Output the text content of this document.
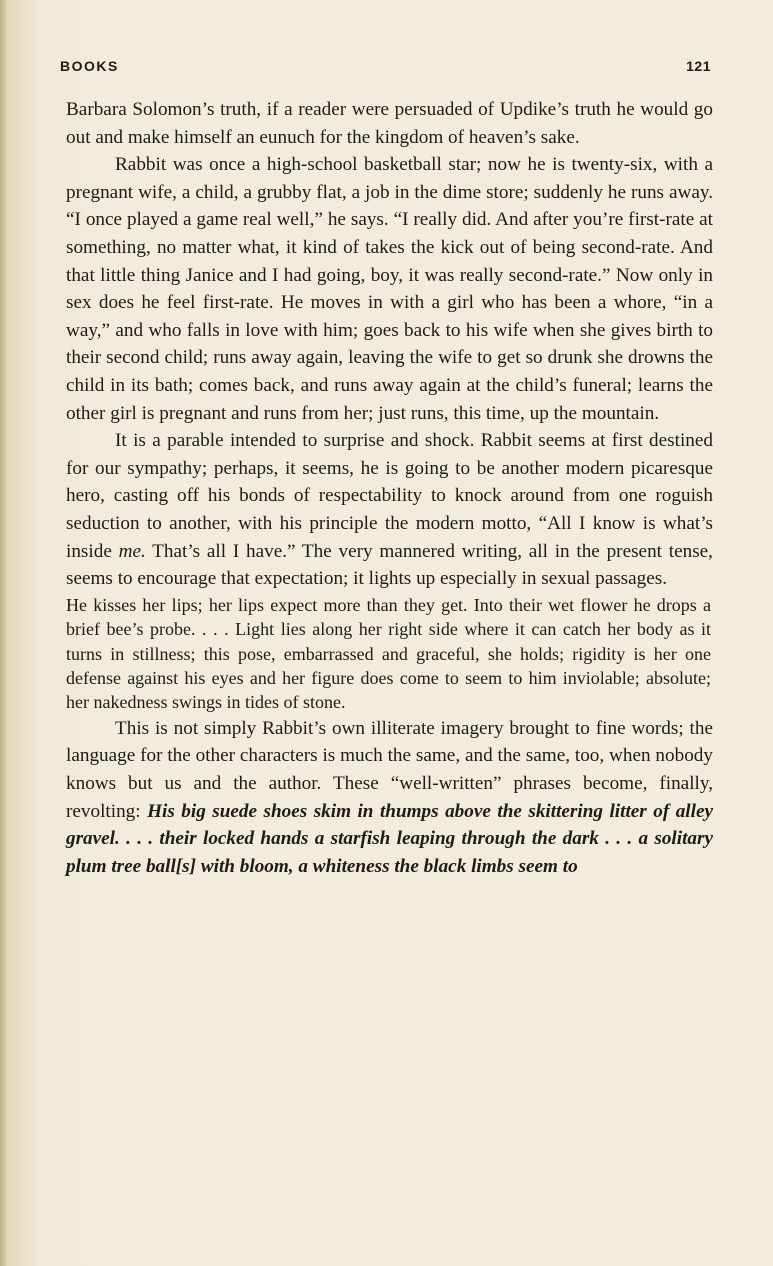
BOOKS	121

Barbara Solomon’s truth, if a reader were persuaded of Updike’s truth he would go out and make himself an eunuch for the kingdom of heaven’s sake.

Rabbit was once a high-school basketball star; now he is twenty-six, with a pregnant wife, a child, a grubby flat, a job in the dime store; suddenly he runs away. “I once played a game real well,” he says. “I really did. And after you’re first-rate at something, no matter what, it kind of takes the kick out of being second-rate. And that little thing Janice and I had going, boy, it was really second-rate.” Now only in sex does he feel first-rate. He moves in with a girl who has been a whore, “in a way,” and who falls in love with him; goes back to his wife when she gives birth to their second child; runs away again, leaving the wife to get so drunk she drowns the child in its bath; comes back, and runs away again at the child’s funeral; learns the other girl is pregnant and runs from her; just runs, this time, up the mountain.

It is a parable intended to surprise and shock. Rabbit seems at first destined for our sympathy; perhaps, it seems, he is going to be another modern picaresque hero, casting off his bonds of respectability to knock around from one roguish seduction to another, with his principle the modern motto, “All I know is what’s inside me. That’s all I have.” The very mannered writing, all in the present tense, seems to encourage that expectation; it lights up especially in sexual passages.

He kisses her lips; her lips expect more than they get. Into their wet flower he drops a brief bee’s probe. . . . Light lies along her right side where it can catch her body as it turns in stillness; this pose, embarrassed and graceful, she holds; rigidity is her one defense against his eyes and her figure does come to seem to him inviolable; absolute; her nakedness swings in tides of stone.

This is not simply Rabbit’s own illiterate imagery brought to fine words; the language for the other characters is much the same, and the same, too, when nobody knows but us and the author. These “well-written” phrases become, finally, revolting: His big suede shoes skim in thumps above the skittering litter of alley gravel. . . . their locked hands a starfish leaping through the dark . . . a solitary plum tree ball[s] with bloom, a whiteness the black limbs seem to
